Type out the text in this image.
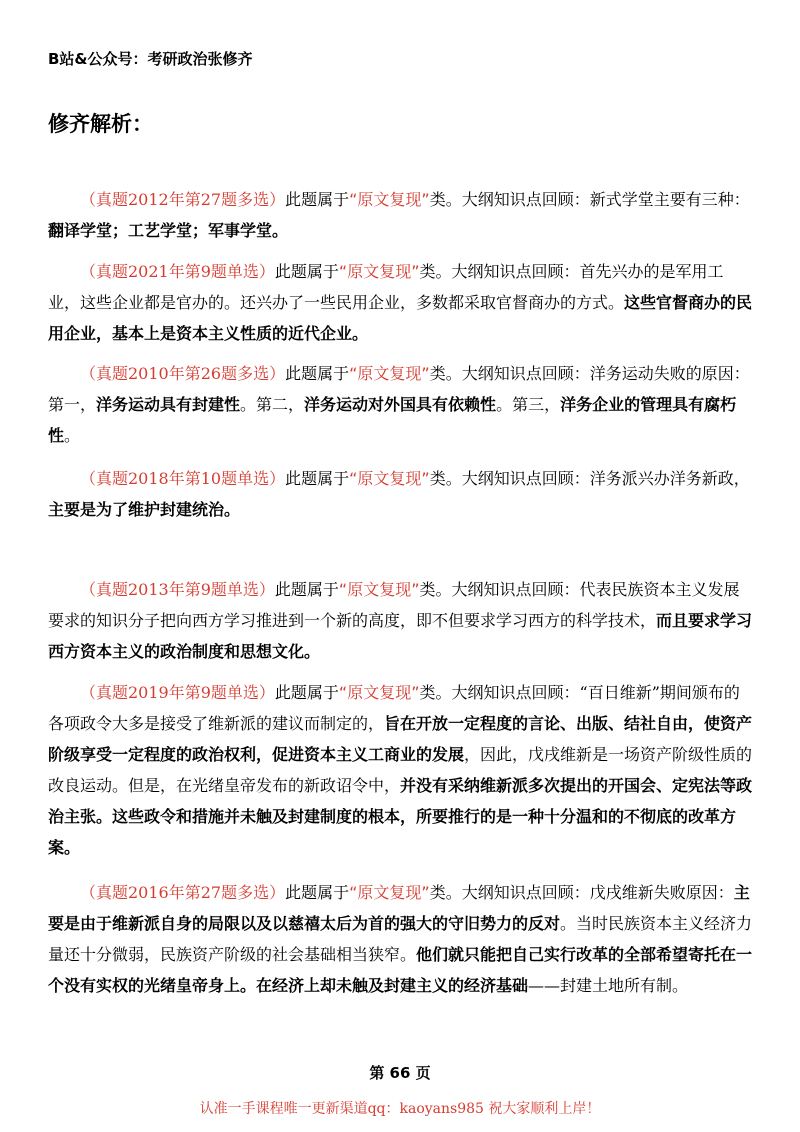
B站&公众号：考研政治张修齐
修齐解析：

（真题2012年第27题多选）此题属于“原文复现”类。大纲知识点回顾：新式学堂主要有三种：翻译学堂；工艺学堂；军事学堂。

（真题2021年第9题单选）此题属于“原文复现”类。大纲知识点回顾：首先兴办的是军用工业，这些企业都是官办的。还兴办了一些民用企业，多数都采取官督商办的方式。这些官督商办的民用企业，基本上是资本主义性质的近代企业。

（真题2010年第26题多选）此题属于“原文复现”类。大纲知识点回顾：洋务运动失败的原因：第一，洋务运动具有封建性。第二，洋务运动对外国具有依赖性。第三，洋务企业的管理具有腐朽性。

（真题2018年第10题单选）此题属于“原文复现”类。大纲知识点回顾：洋务派兴办洋务新政，主要是为了维护封建统治。

（真题2013年第9题单选）此题属于“原文复现”类。大纲知识点回顾：代表民族资本主义发展要求的知识分子把向西方学习推进到一个新的高度，即不但要求学习西方的科学技术，而且要求学习西方资本主义的政治制度和思想文化。

（真题2019年第9题单选）此题属于“原文复现”类。大纲知识点回顾：“百日维新”期间颁布的各项政令大多是接受了维新派的建议而制定的，旨在开放一定程度的言论、出版、结社自由，使资产阶级享受一定程度的政治权利，促进资本主义工商业的发展，因此，戊戌维新是一场资产阶级性质的改良运动。但是，在光绪皇帝发布的新政诏令中，并没有采纳维新派多次提出的开国会、定宪法等政治主张。这些政令和措施并未触及封建制度的根本，所要推行的是一种十分温和的不彻底的改革方案。

（真题2016年第27题多选）此题属于“原文复现”类。大纲知识点回顾：戊戌维新失败原因：主要是由于维新派自身的局限以及以慈禧太后为首的强大的守旧势力的反对。当时民族资本主义经济力量还十分微弱，民族资产阶级的社会基础相当狭窄。他们就只能把自己实行改革的全部希望寄托在一个没有实权的光绪皇帝身上。在经济上却未触及封建主义的经济基础——封建土地所有制。

第 66 页
认准一手课程唯一更新渠道qq：kaoyans985 祝大家顺利上岸！
